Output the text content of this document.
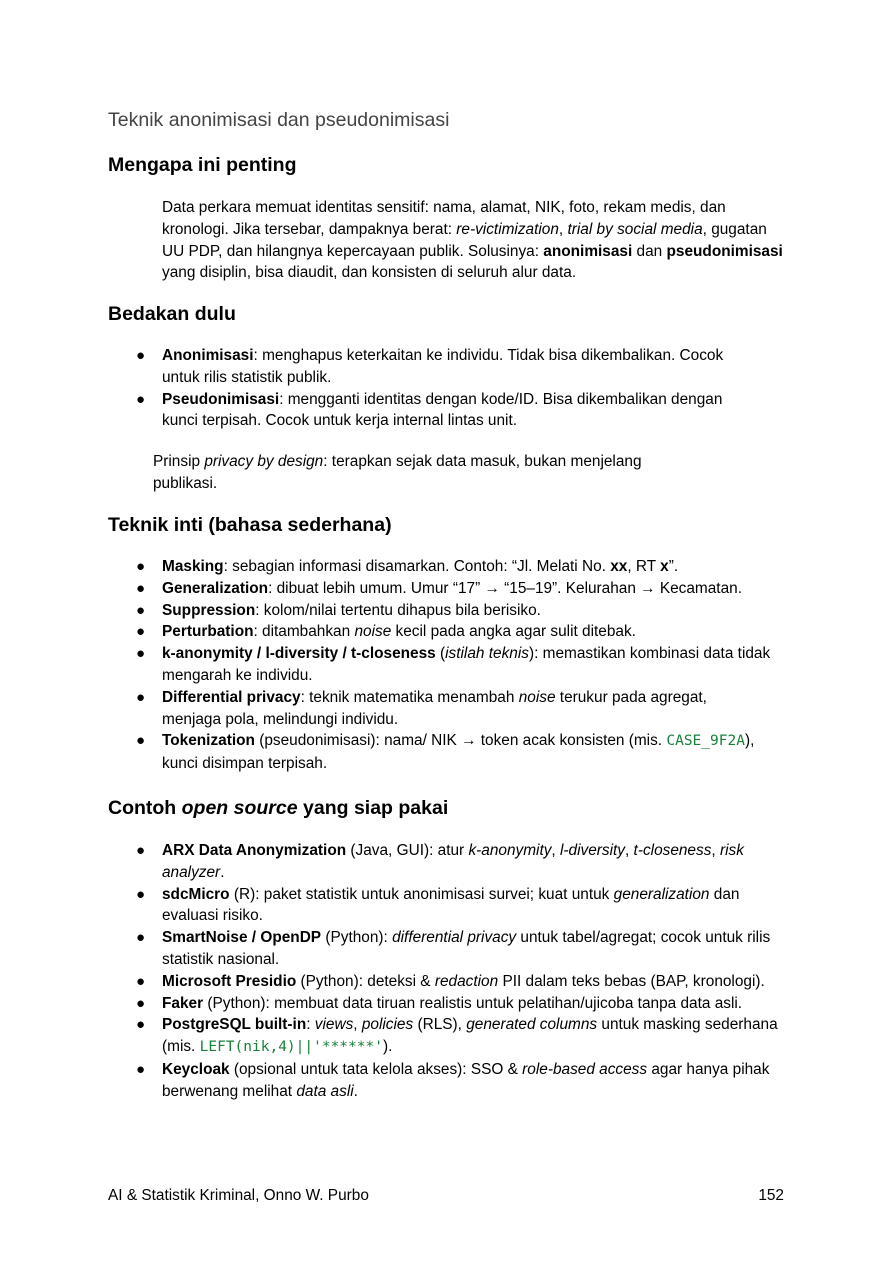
Teknik anonimisasi dan pseudonimisasi

Mengapa ini penting

Data perkara memuat identitas sensitif: nama, alamat, NIK, foto, rekam medis, dan kronologi. Jika tersebar, dampaknya berat: re-victimization, trial by social media, gugatan UU PDP, dan hilangnya kepercayaan publik. Solusinya: anonimisasi dan pseudonimisasi yang disiplin, bisa diaudit, dan konsisten di seluruh alur data.

Bedakan dulu
● Anonimisasi: menghapus keterkaitan ke individu. Tidak bisa dikembalikan. Cocok untuk rilis statistik publik.
● Pseudonimisasi: mengganti identitas dengan kode/ID. Bisa dikembalikan dengan kunci terpisah. Cocok untuk kerja internal lintas unit.

Prinsip privacy by design: terapkan sejak data masuk, bukan menjelang publikasi.

Teknik inti (bahasa sederhana)
● Masking: sebagian informasi disamarkan. Contoh: “Jl. Melati No. xx, RT x”.
● Generalization: dibuat lebih umum. Umur “17” → “15–19”. Kelurahan → Kecamatan.
● Suppression: kolom/nilai tertentu dihapus bila berisiko.
● Perturbation: ditambahkan noise kecil pada angka agar sulit ditebak.
● k-anonymity / l-diversity / t-closeness (istilah teknis): memastikan kombinasi data tidak mengarah ke individu.
● Differential privacy: teknik matematika menambah noise terukur pada agregat, menjaga pola, melindungi individu.
● Tokenization (pseudonimisasi): nama/ NIK → token acak konsisten (mis. CASE_9F2A), kunci disimpan terpisah.
Contoh open source yang siap pakai
● ARX Data Anonymization (Java, GUI): atur k-anonymity, l-diversity, t-closeness, risk analyzer.
● sdcMicro (R): paket statistik untuk anonimisasi survei; kuat untuk generalization dan evaluasi risiko.
● SmartNoise / OpenDP (Python): differential privacy untuk tabel/agregat; cocok untuk rilis statistik nasional.
● Microsoft Presidio (Python): deteksi & redaction PII dalam teks bebas (BAP, kronologi).
● Faker (Python): membuat data tiruan realistis untuk pelatihan/ujicoba tanpa data asli.
● PostgreSQL built-in: views, policies (RLS), generated columns untuk masking sederhana (mis. LEFT(nik,4)||'******').
● Keycloak (opsional untuk tata kelola akses): SSO & role-based access agar hanya pihak berwenang melihat data asli.

AI & Statistik Kriminal, Onno W. Purbo	152
